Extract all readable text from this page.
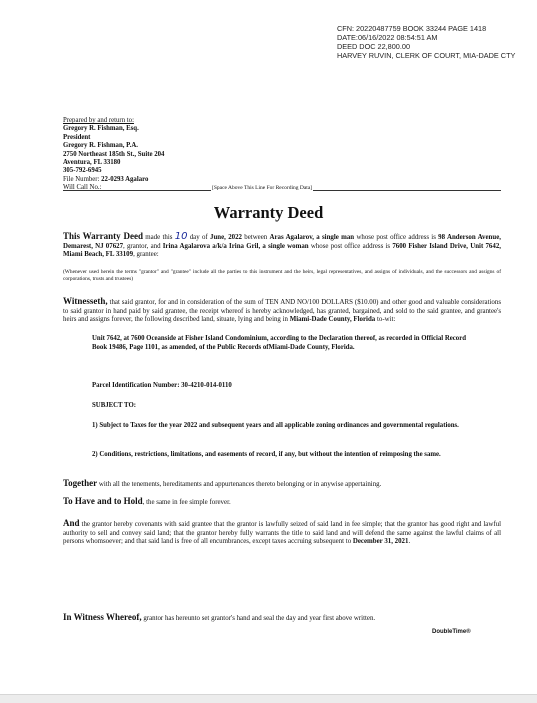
CFN: 20220487759 BOOK 33244 PAGE 1418
DATE:06/16/2022 08:54:51 AM
DEED DOC 22,800.00
HARVEY RUVIN, CLERK OF COURT, MIA-DADE CTY
Prepared by and return to:
Gregory R. Fishman, Esq.
President
Gregory R. Fishman, P.A.
2750 Northeast 185th St., Suite 204
Aventura, FL 33180
305-792-6945
File Number: 22-0293 Agalaro
Will Call No.:	[Space Above This Line For Recording Data]
Warranty Deed
This Warranty Deed made this 10 day of June, 2022 between Aras Agalarov, a single man whose post office address is 98 Anderson Avenue, Demarest, NJ 07627, grantor, and Irina Agalarova a/k/a Irina Gril, a single woman whose post office address is 7600 Fisher Island Drive, Unit 7642, Miami Beach, FL 33109, grantee:
(Whenever used herein the terms "grantor" and "grantee" include all the parties to this instrument and the heirs, legal representatives, and assigns of individuals, and the successors and assigns of corporations, trusts and trustees)
Witnesseth, that said grantor, for and in consideration of the sum of TEN AND NO/100 DOLLARS ($10.00) and other good and valuable considerations to said grantor in hand paid by said grantee, the receipt whereof is hereby acknowledged, has granted, bargained, and sold to the said grantee, and grantee's heirs and assigns forever, the following described land, situate, lying and being in Miami-Dade County, Florida to-wit:
Unit 7642, at 7600 Oceanside at Fisher Island Condominium, according to the Declaration thereof, as recorded in Official Record Book 19486, Page 1101, as amended, of the Public Records ofMiami-Dade County, Florida.
Parcel Identification Number: 30-4210-014-0110
SUBJECT TO:
1) Subject to Taxes for the year 2022 and subsequent years and all applicable zoning ordinances and governmental regulations.
2) Conditions, restrictions, limitations, and easements of record, if any, but without the intention of reimposing the same.
Together with all the tenements, hereditaments and appurtenances thereto belonging or in anywise appertaining.
To Have and to Hold, the same in fee simple forever.
And the grantor hereby covenants with said grantee that the grantor is lawfully seized of said land in fee simple; that the grantor has good right and lawful authority to sell and convey said land; that the grantor hereby fully warrants the title to said land and will defend the same against the lawful claims of all persons whomsoever; and that said land is free of all encumbrances, except taxes accruing subsequent to December 31, 2021.
In Witness Whereof, grantor has hereunto set grantor's hand and seal the day and year first above written.
DoubleTime®
